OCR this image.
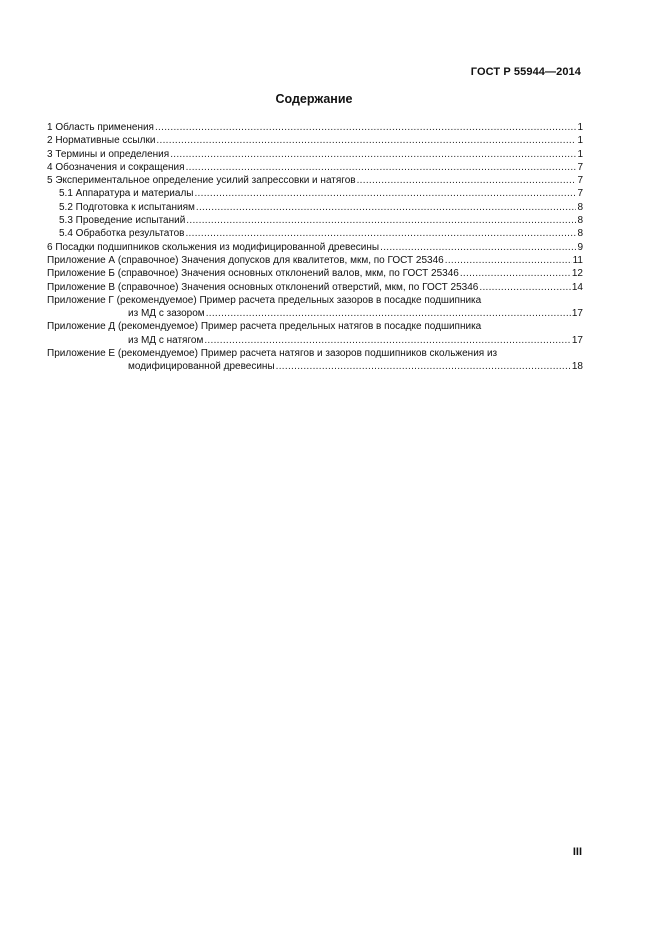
ГОСТ Р 55944—2014
Содержание
1 Область применения .....	1
2 Нормативные ссылки .....	1
3 Термины и определения .....	1
4 Обозначения и сокращения .....	7
5 Экспериментальное определение усилий запрессовки и натягов .....	7
5.1 Аппаратура и материалы .....	7
5.2 Подготовка к испытаниям .....	8
5.3 Проведение испытаний .....	8
5.4 Обработка результатов .....	8
6 Посадки подшипников скольжения из модифицированной древесины .....	9
Приложение А (справочное) Значения допусков для квалитетов, мкм, по ГОСТ 25346 .....	11
Приложение Б (справочное) Значения основных отклонений валов, мкм, по ГОСТ 25346 .....	12
Приложение В (справочное) Значения основных отклонений отверстий, мкм, по ГОСТ 25346 .....	14
Приложение Г (рекомендуемое) Пример расчета предельных зазоров в посадке подшипника
из МД с зазором .....	17
Приложение Д (рекомендуемое) Пример расчета предельных натягов в посадке подшипника
из МД с натягом .....	17
Приложение Е (рекомендуемое) Пример расчета натягов и зазоров подшипников скольжения из
модифицированной древесины .....	18
III
